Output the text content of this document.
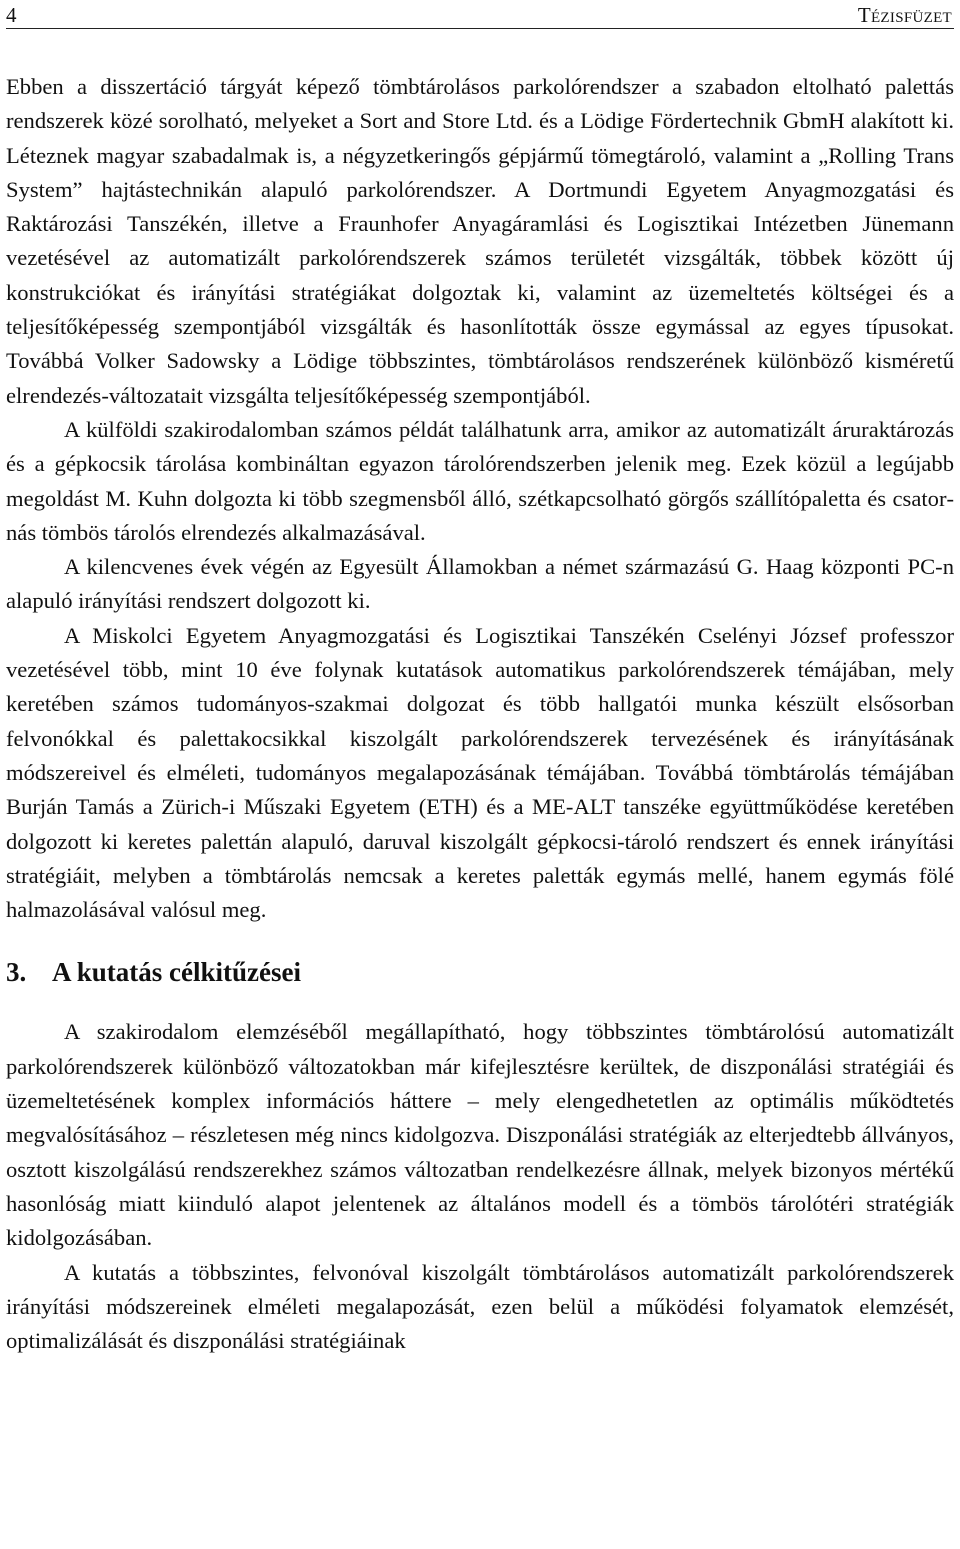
4	Tézisfüzet

Ebben a disszertáció tárgyát képező tömbtárolásos parkolórendszer a szabadon eltolható palettás rendszerek közé sorolható, melyeket a Sort and Store Ltd. és a Lödige Fördertechnik GbmH alakított ki. Léteznek magyar szabadalmak is, a négyzetkeringős gépjármű tömegtároló, valamint a „Rolling Trans System” hajtástechnikán alapuló parkolórendszer. A Dortmundi Egyetem Anyagmozgatási és Raktározási Tanszékén, illetve a Fraunhofer Anyagáramlási és Logisztikai Intézetben Jünemann vezetésével az automatizált parkolórendszerek számos területét vizsgálták, többek között új konstrukciókat és irányítási stratégiákat dolgoztak ki, valamint az üzemeltetés költségei és a teljesítőképesség szempontjából vizsgálták és hasonlították össze egymással az egyes típusokat. Továbbá Volker Sadowsky a Lödige többszintes, tömbtárolásos rendszerének különböző kisméretű elrendezés-változatait vizsgálta teljesítőképesség szempontjából.

A külföldi szakirodalomban számos példát találhatunk arra, amikor az automatizált áruraktározás és a gépkocsik tárolása kombináltan egyazon tárolórendszerben jelenik meg. Ezek közül a legújabb megoldást M. Kuhn dolgozta ki több szegmensből álló, szétkapcsolható görgős szállítópaletta és csatornás tömbös tárolós elrendezés alkalmazásával.

A kilencvenes évek végén az Egyesült Államokban a német származású G. Haag központi PC-n alapuló irányítási rendszert dolgozott ki.

A Miskolci Egyetem Anyagmozgatási és Logisztikai Tanszékén Cselényi József professzor vezetésével több, mint 10 éve folynak kutatások automatikus parkolórendszerek témájában, mely keretében számos tudományos-szakmai dolgozat és több hallgatói munka készült elsősorban felvonókkal és palettakocsikkal kiszolgált parkolórendszerek tervezésének és irányításának módszereivel és elméleti, tudományos megalapozásának témájában. Továbbá tömbtárolás témájában Burján Tamás a Zürich-i Műszaki Egyetem (ETH) és a ME-ALT tanszéke együttműködése keretében dolgozott ki keretes palettán alapuló, daruval kiszolgált gépkocsi-tároló rendszert és ennek irányítási stratégiáit, melyben a tömbtárolás nemcsak a keretes paletták egymás mellé, hanem egymás fölé halmazolásával valósul meg.

3. A kutatás célkitűzései

A szakirodalom elemzéséből megállapítható, hogy többszintes tömbtárolósú automatizált parkolórendszerek különböző változatokban már kifejlesztésre kerültek, de diszponálási stratégiái és üzemeltetésének komplex információs háttere – mely elengedhetetlen az optimális működtetés megvalósításához – részletesen még nincs kidolgozva. Diszponálási stratégiák az elterjedtebb állványos, osztott kiszolgálású rendszerekhez számos változatban rendelkezésre állnak, melyek bizonyos mértékű hasonlóság miatt kiinduló alapot jelentenek az általános modell és a tömbös tárolótéri stratégiák kidolgozásában.

A kutatás a többszintes, felvonóval kiszolgált tömbtárolásos automatizált parkolórendszerek irányítási módszereinek elméleti megalapozását, ezen belül a működési folyamatok elemzését, optimalizálását és diszponálási stratégiáinak
